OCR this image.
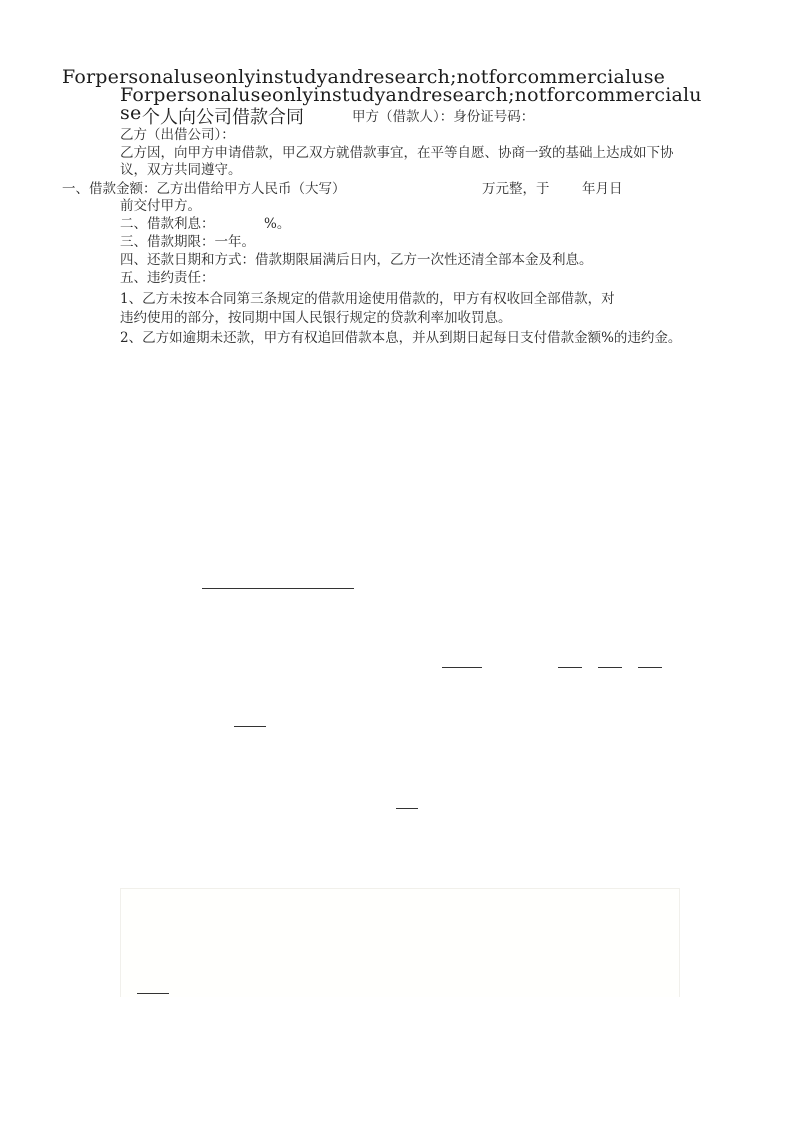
Forpersonaluseonlyinstudyandresearch;notforcommercialuse
Forpersonaluseonlyinstudyandresearch;notforcommercialu
se 个人向公司借款合同	甲方（借款人）：身份证号码：
乙方（出借公司）：
乙方因，向甲方申请借款，甲乙双方就借款事宜，在平等自愿、协商一致的基础上达成如下协
议，双方共同遵守。
一、借款金额：乙方出借给甲方人民币（大写）	万元整，于 年月日
前交付甲方。
二、借款利息：	%。
三、借款期限：一年。
四、还款日期和方式：借款期限届满后日内，乙方一次性还清全部本金及利息。
五、违约责任：
1、乙方未按本合同第三条规定的借款用途使用借款的，甲方有权收回全部借款，对
违约使用的部分，按同期中国人民银行规定的贷款利率加收罚息。
2、乙方如逾期未还款，甲方有权追回借款本息，并从到期日起每日支付借款金额%的违约金。
